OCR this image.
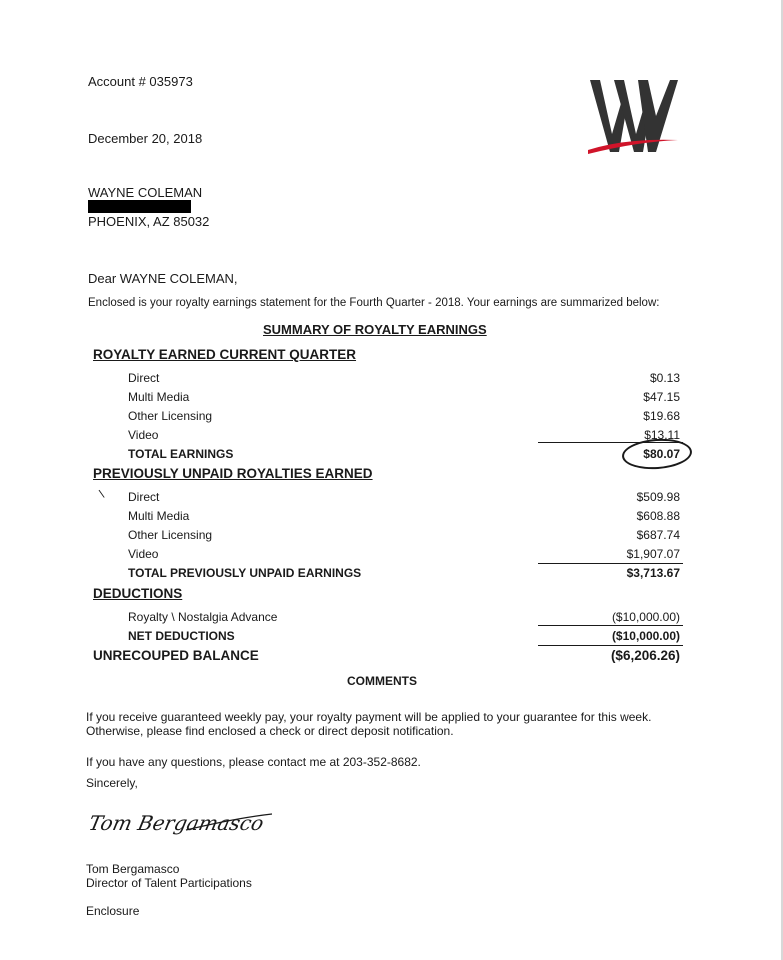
Account # 035973
December 20, 2018
WAYNE COLEMAN
PHOENIX, AZ 85032
Dear WAYNE COLEMAN,
Enclosed is your royalty earnings statement for the Fourth Quarter - 2018. Your earnings are summarized below:
SUMMARY OF ROYALTY EARNINGS
ROYALTY EARNED CURRENT QUARTER
Direct	$0.13
Multi Media	$47.15
Other Licensing	$19.68
Video	$13.11
TOTAL EARNINGS	$80.07
PREVIOUSLY UNPAID ROYALTIES EARNED
\ Direct	$509.98
Multi Media	$608.88
Other Licensing	$687.74
Video	$1,907.07
TOTAL PREVIOUSLY UNPAID EARNINGS	$3,713.67
DEDUCTIONS
Royalty \ Nostalgia Advance	($10,000.00)
NET DEDUCTIONS	($10,000.00)
UNRECOUPED BALANCE	($6,206.26)
COMMENTS
If you receive guaranteed weekly pay, your royalty payment will be applied to your guarantee for this week.
Otherwise, please find enclosed a check or direct deposit notification.
If you have any questions, please contact me at 203-352-8682.
Sincerely,
Tom Bergamasco
Tom Bergamasco
Director of Talent Participations
Enclosure
